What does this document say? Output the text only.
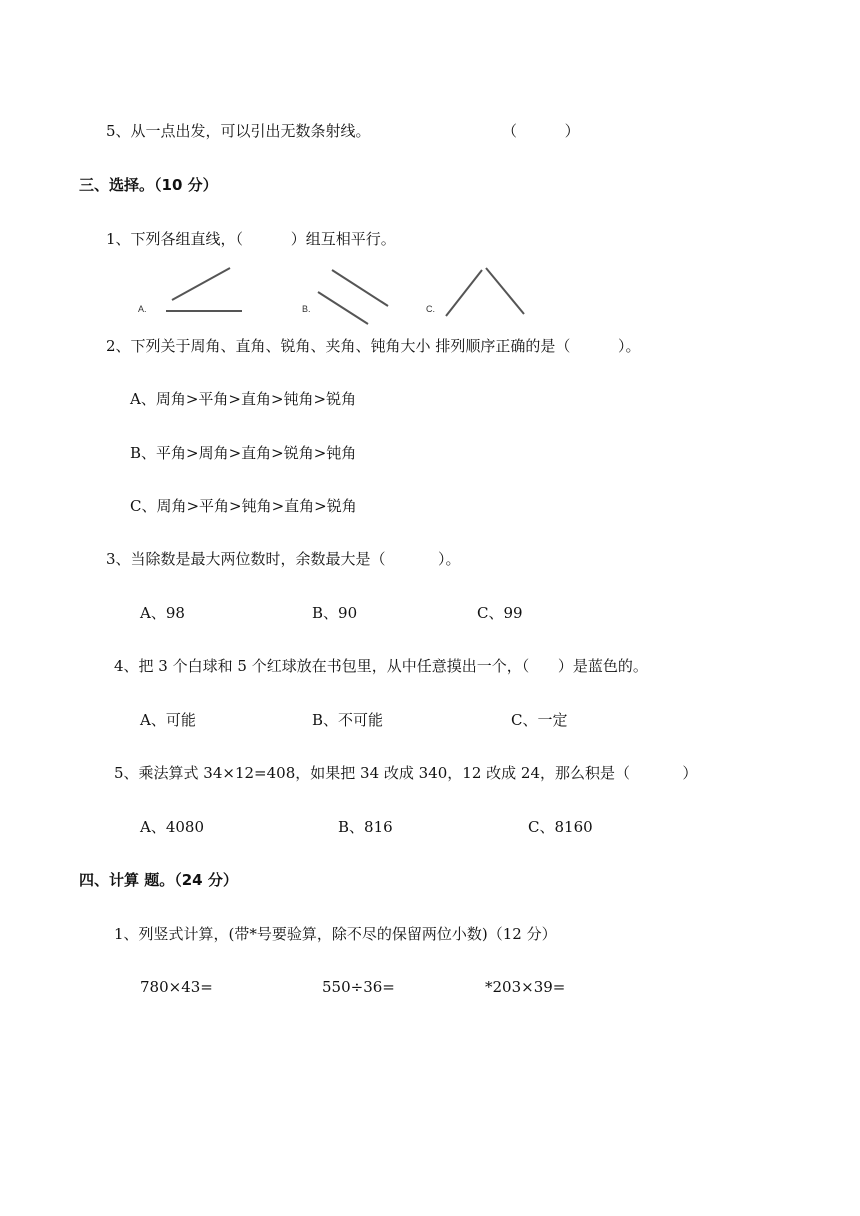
5、从一点出发，可以引出无数条射线。	（          ）
三、选择。（10 分）
1、下列各组直线，（          ）组互相平行。
A.	B.	C.
2、下列关于周角、直角、锐角、夹角、钝角大小 排列顺序正确的是（          ）。
A、周角>平角>直角>钝角>锐角
B、平角>周角>直角>锐角>钝角
C、周角>平角>钝角>直角>锐角
3、当除数是最大两位数时，余数最大是（           ）。
A、98	B、90	C、99
4、把 3 个白球和 5 个红球放在书包里，从中任意摸出一个，（      ）是蓝色的。
A、可能	B、不可能	C、一定
5、乘法算式 34×12=408，如果把 34 改成 340，12 改成 24，那么积是（           ）
A、4080	B、816	C、8160
四、计算 题。（24 分）
1、列竖式计算，(带*号要验算，除不尽的保留两位小数)（12 分）
780×43=	550÷36=	*203×39=
